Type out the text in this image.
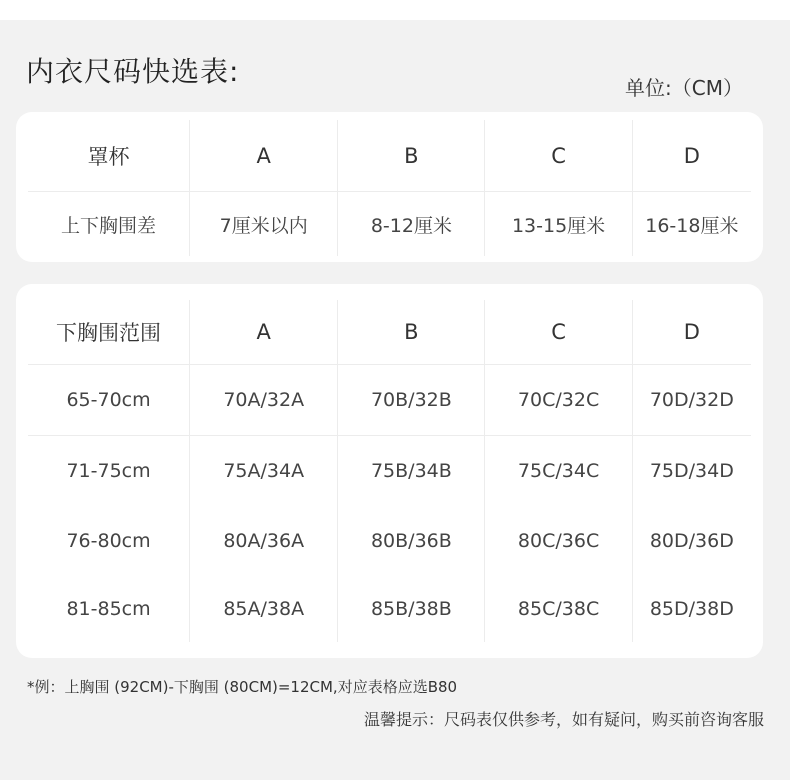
内衣尺码快选表:	单位:（CM）
罩杯	A	B	C	D
上下胸围差	7厘米以内	8-12厘米	13-15厘米	16-18厘米
下胸围范围	A	B	C	D
65-70cm	70A/32A	70B/32B	70C/32C	70D/32D
71-75cm	75A/34A	75B/34B	75C/34C	75D/34D
76-80cm	80A/36A	80B/36B	80C/36C	80D/36D
81-85cm	85A/38A	85B/38B	85C/38C	85D/38D
*例：上胸围 (92CM)-下胸围 (80CM)=12CM,对应表格应选B80
温馨提示：尺码表仅供参考，如有疑问，购买前咨询客服
